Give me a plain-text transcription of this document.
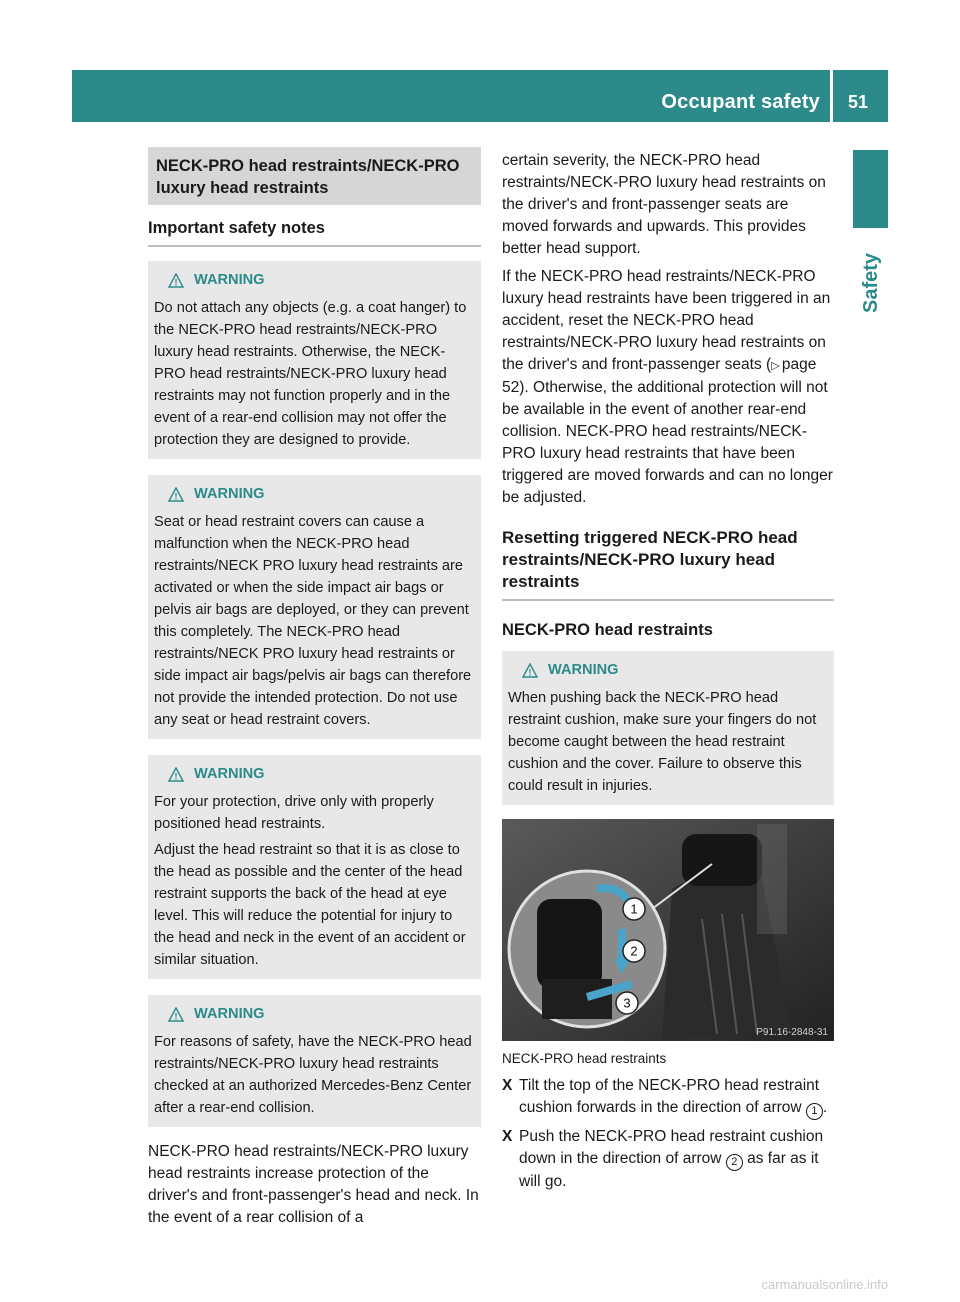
Occupant safety 51
Safety
NECK-PRO head restraints/NECK-PRO luxury head restraints
Important safety notes
! WARNING

Do not attach any objects (e.g. a coat hanger) to the NECK-PRO head restraints/NECK-PRO luxury head restraints. Otherwise, the NECK-PRO head restraints/NECK-PRO luxury head restraints may not function properly and in the event of a rear-end collision may not offer the protection they are designed to provide.

! WARNING

Seat or head restraint covers can cause a malfunction when the NECK-PRO head restraints/NECK PRO luxury head restraints are activated or when the side impact air bags or pelvis air bags are deployed, or they can prevent this completely. The NECK-PRO head restraints/NECK PRO luxury head restraints or side impact air bags/pelvis air bags can therefore not provide the intended protection. Do not use any seat or head restraint covers.

! WARNING

For your protection, drive only with properly positioned head restraints.

Adjust the head restraint so that it is as close to the head as possible and the center of the head restraint supports the back of the head at eye level. This will reduce the potential for injury to the head and neck in the event of an accident or similar situation.

! WARNING

For reasons of safety, have the NECK-PRO head restraints/NECK-PRO luxury head restraints checked at an authorized Mercedes-Benz Center after a rear-end collision.

NECK-PRO head restraints/NECK-PRO luxury head restraints increase protection of the driver's and front-passenger's head and neck. In the event of a rear collision of a

certain severity, the NECK-PRO head restraints/NECK-PRO luxury head restraints on the driver's and front-passenger seats are moved forwards and upwards. This provides better head support.

If the NECK-PRO head restraints/NECK-PRO luxury head restraints have been triggered in an accident, reset the NECK-PRO head restraints/NECK-PRO luxury head restraints on the driver's and front-passenger seats (▷ page 52). Otherwise, the additional protection will not be available in the event of another rear-end collision. NECK-PRO head restraints/NECK-PRO luxury head restraints that have been triggered are moved forwards and can no longer be adjusted.

Resetting triggered NECK-PRO head restraints/NECK-PRO luxury head restraints
NECK-PRO head restraints
! WARNING

When pushing back the NECK-PRO head restraint cushion, make sure your fingers do not become caught between the head restraint cushion and the cover. Failure to observe this could result in injuries.

1
2
3
P91.16-2848-31
NECK-PRO head restraints
X Tilt the top of the NECK-PRO head restraint cushion forwards in the direction of arrow 1 .
X Push the NECK-PRO head restraint cushion down in the direction of arrow 2 as far as it will go.
carmanualsonline.info
